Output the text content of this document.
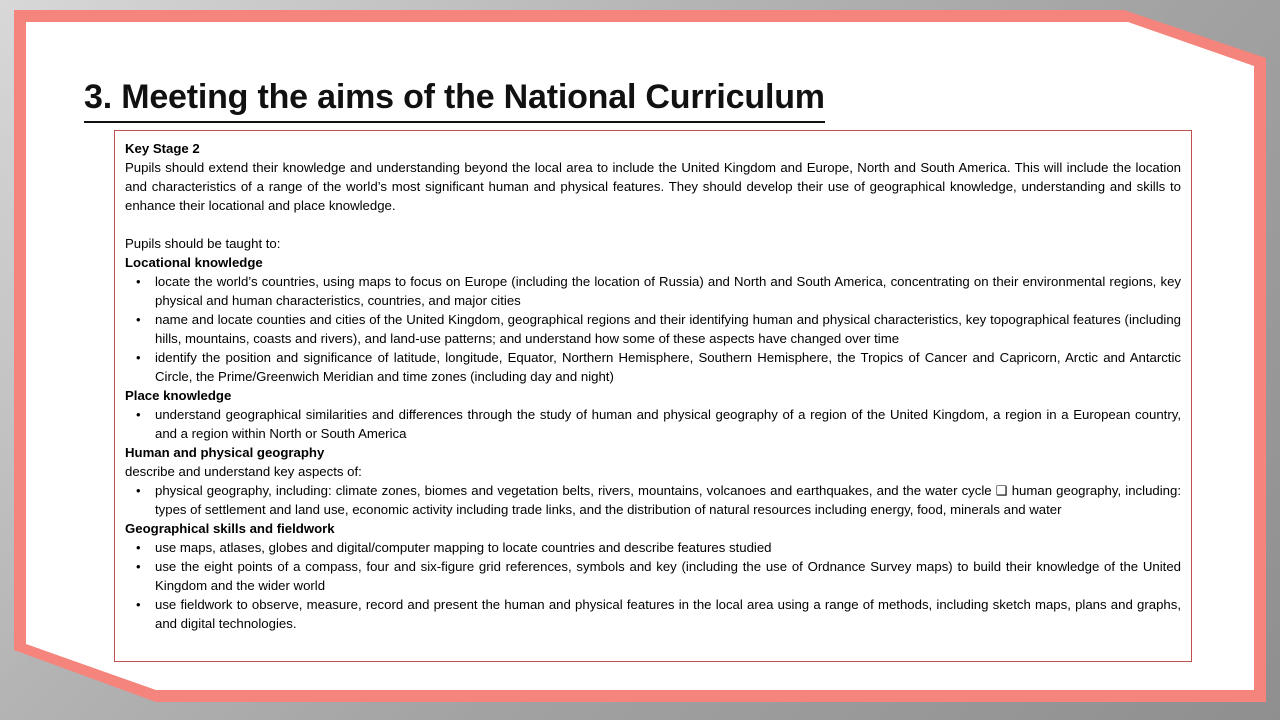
3. Meeting the aims of the National Curriculum
Key Stage 2
Pupils should extend their knowledge and understanding beyond the local area to include the United Kingdom and Europe, North and South America. This will include the location and characteristics of a range of the world’s most significant human and physical features. They should develop their use of geographical knowledge, understanding and skills to enhance their locational and place knowledge.
Pupils should be taught to:
Locational knowledge
• locate the world’s countries, using maps to focus on Europe (including the location of Russia) and North and South America, concentrating on their environmental regions, key physical and human characteristics, countries, and major cities
• name and locate counties and cities of the United Kingdom, geographical regions and their identifying human and physical characteristics, key topographical features (including hills, mountains, coasts and rivers), and land-use patterns; and understand how some of these aspects have changed over time
• identify the position and significance of latitude, longitude, Equator, Northern Hemisphere, Southern Hemisphere, the Tropics of Cancer and Capricorn, Arctic and Antarctic Circle, the Prime/Greenwich Meridian and time zones (including day and night)
Place knowledge
• understand geographical similarities and differences through the study of human and physical geography of a region of the United Kingdom, a region in a European country, and a region within North or South America
Human and physical geography
describe and understand key aspects of:
• physical geography, including: climate zones, biomes and vegetation belts, rivers, mountains, volcanoes and earthquakes, and the water cycle ❑ human geography, including: types of settlement and land use, economic activity including trade links, and the distribution of natural resources including energy, food, minerals and water
Geographical skills and fieldwork
• use maps, atlases, globes and digital/computer mapping to locate countries and describe features studied
• use the eight points of a compass, four and six-figure grid references, symbols and key (including the use of Ordnance Survey maps) to build their knowledge of the United Kingdom and the wider world
• use fieldwork to observe, measure, record and present the human and physical features in the local area using a range of methods, including sketch maps, plans and graphs, and digital technologies.
